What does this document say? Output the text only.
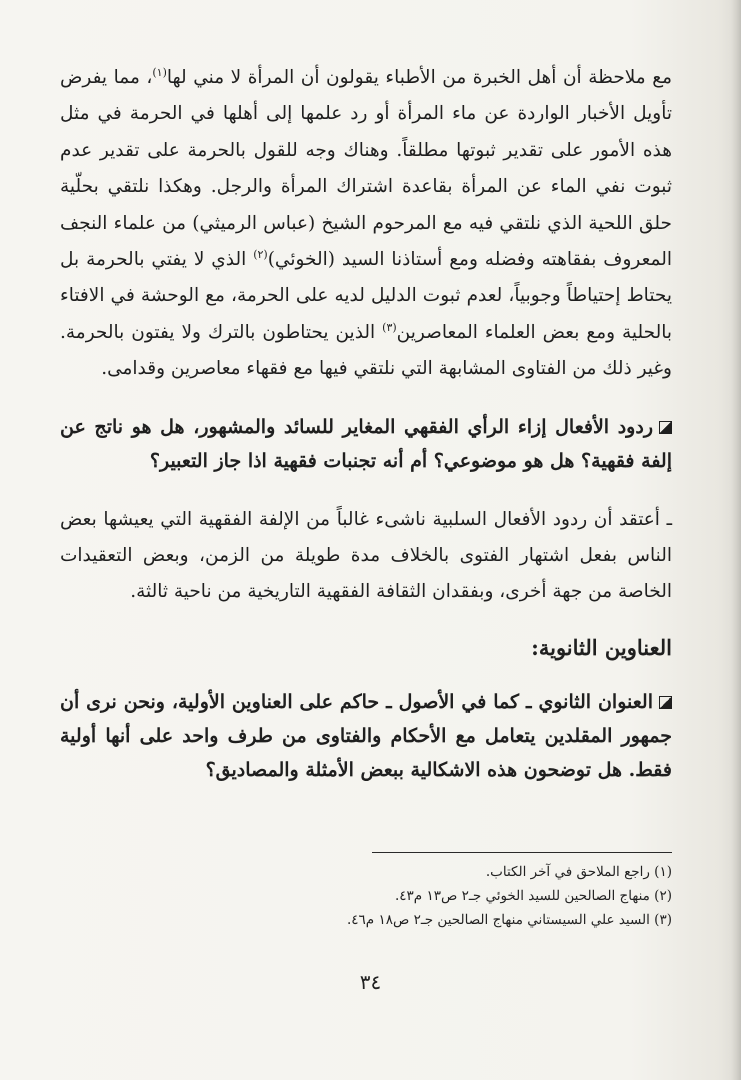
مع ملاحظة أن أهل الخبرة من الأطباء يقولون أن المرأة لا مني لها$^{(١)}$، مما يفرض تأويل الأخبار الواردة عن ماء المرأة أو رد علمها إلى أهلها في الحرمة في مثل هذه الأمور على تقدير ثبوتها مطلقاً. وهناك وجه للقول بالحرمة على تقدير عدم ثبوت نفي الماء عن المرأة بقاعدة اشتراك المرأة والرجل. وهكذا نلتقي بحلّية حلق اللحية الذي نلتقي فيه مع المرحوم الشيخ (عباس الرميثي) من علماء النجف المعروف بفقاهته وفضله ومع أستاذنا السيد (الخوئي)$^{(٢)}$ الذي لا يفتي بالحرمة بل يحتاط إحتياطاً وجوبياً، لعدم ثبوت الدليل لديه على الحرمة، مع الوحشة في الافتاء بالحلية ومع بعض العلماء المعاصرين$^{(٣)}$ الذين يحتاطون بالترك ولا يفتون بالحرمة. وغير ذلك من الفتاوى المشابهة التي نلتقي فيها مع فقهاء معاصرين وقدامى.

ردود الأفعال إزاء الرأي الفقهي المغاير للسائد والمشهور، هل هو ناتج عن إلفة فقهية؟ هل هو موضوعي؟ أم أنه تجنبات فقهية اذا جاز التعبير؟

ـ أعتقد أن ردود الأفعال السلبية ناشىء غالباً من الإلفة الفقهية التي يعيشها بعض الناس بفعل اشتهار الفتوى بالخلاف مدة طويلة من الزمن، وبعض التعقيدات الخاصة من جهة أخرى، وبفقدان الثقافة الفقهية التاريخية من ناحية ثالثة.

العناوين الثانوية:

العنوان الثانوي ـ كما في الأصول ـ حاكم على العناوين الأولية، ونحن نرى أن جمهور المقلدين يتعامل مع الأحكام والفتاوى من طرف واحد على أنها أولية فقط. هل توضحون هذه الاشكالية ببعض الأمثلة والمصاديق؟

(١) راجع الملاحق في آخر الكتاب.
(٢) منهاج الصالحين للسيد الخوئي جـ٢ ص١٣ م٤٣.
(٣) السيد علي السيستاني منهاج الصالحين جـ٢ ص١٨ م٤٦.
٣٤
